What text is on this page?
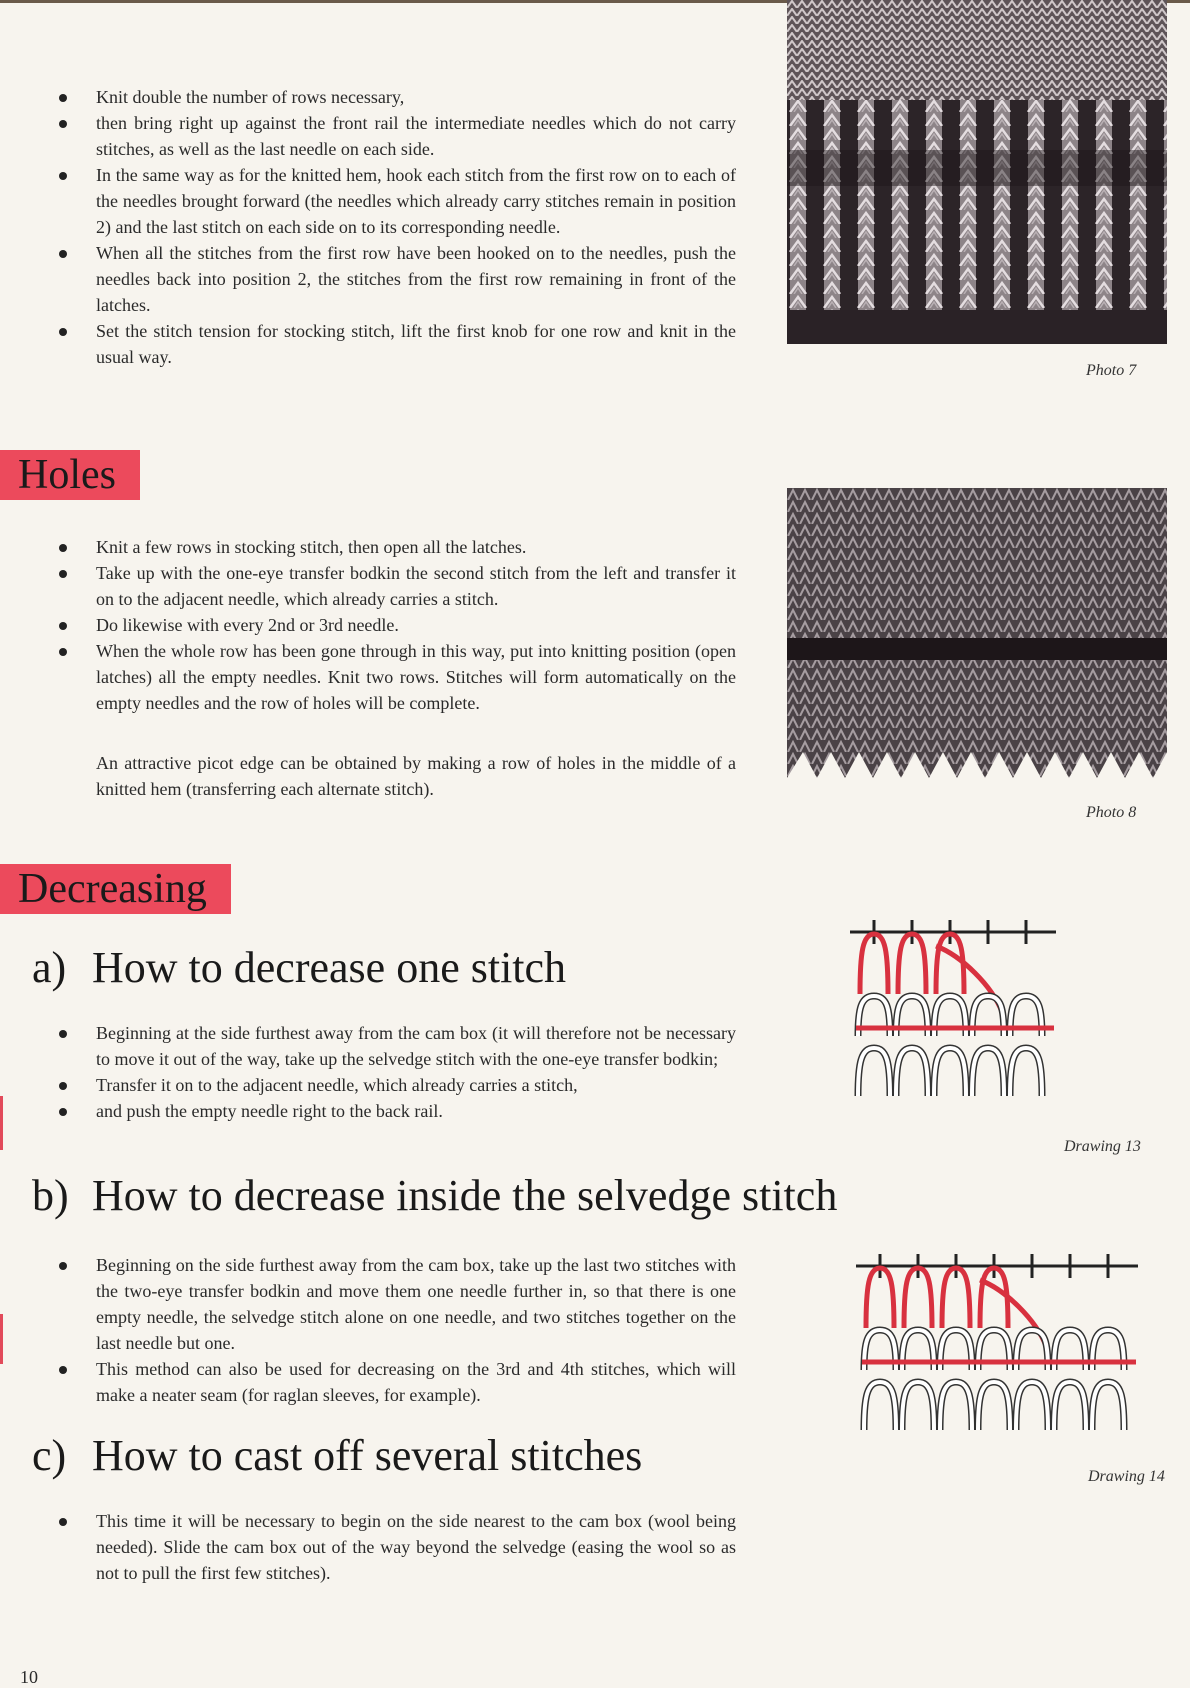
Knit double the number of rows necessary,
then bring right up against the front rail the intermediate needles which do not carry stitches, as well as the last needle on each side.
In the same way as for the knitted hem, hook each stitch from the first row on to each of the needles brought forward (the needles which already carry stitches remain in position 2) and the last stitch on each side on to its corresponding needle.
When all the stitches from the first row have been hooked on to the needles, push the needles back into position 2, the stitches from the first row remaining in front of the latches.
Set the stitch tension for stocking stitch, lift the first knob for one row and knit in the usual way.
Photo 7
Holes
Knit a few rows in stocking stitch, then open all the latches.
Take up with the one-eye transfer bodkin the second stitch from the left and transfer it on to the adjacent needle, which already carries a stitch.
Do likewise with every 2nd or 3rd needle.
When the whole row has been gone through in this way, put into knitting position (open latches) all the empty needles. Knit two rows. Stitches will form automatically on the empty needles and the row of holes will be complete.

An attractive picot edge can be obtained by making a row of holes in the middle of a knitted hem (transferring each alternate stitch).

Photo 8
Decreasing
a) How to decrease one stitch
Beginning at the side furthest away from the cam box (it will therefore not be necessary to move it out of the way, take up the selvedge stitch with the one-eye transfer bodkin;
Transfer it on to the adjacent needle, which already carries a stitch,
and push the empty needle right to the back rail.
Drawing 13
b) How to decrease inside the selvedge stitch
Beginning on the side furthest away from the cam box, take up the last two stitches with the two-eye transfer bodkin and move them one needle further in, so that there is one empty needle, the selvedge stitch alone on one needle, and two stitches together on the last needle but one.
This method can also be used for decreasing on the 3rd and 4th stitches, which will make a neater seam (for raglan sleeves, for example).
Drawing 14
c) How to cast off several stitches
This time it will be necessary to begin on the side nearest to the cam box (wool being needed). Slide the cam box out of the way beyond the selvedge (easing the wool so as not to pull the first few stitches).
10
